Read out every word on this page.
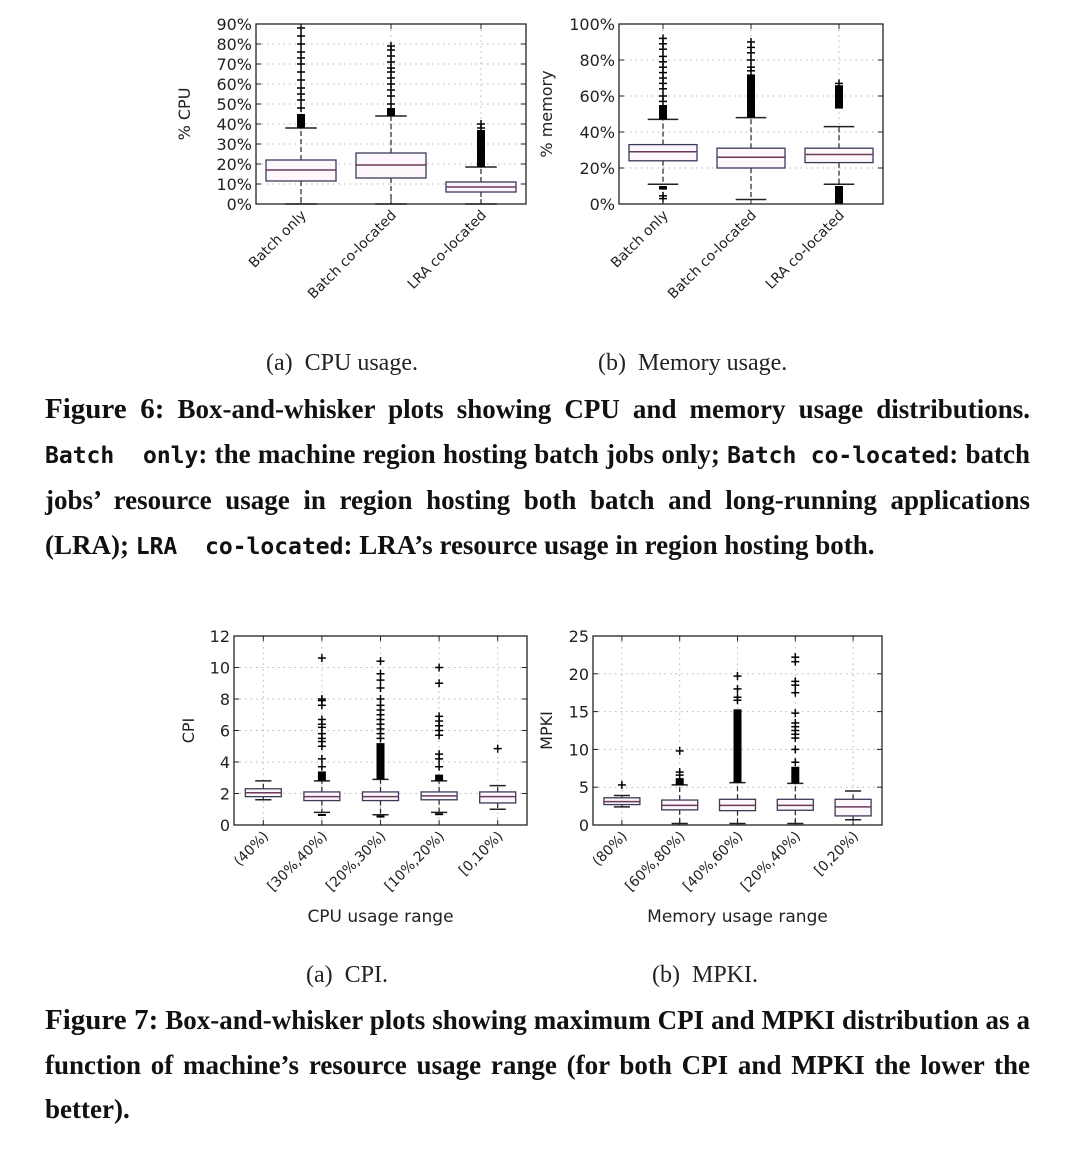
0%
10%
20%
30%
40%
50%
60%
70%
80%
90%
% CPU
Batch only
Batch co-located LRA co-located
0%
20%
40%
60%
80%
100%
% memory
Batch only
Batch co-located LRA co-located
0
2
4
6
8
10
12
CPI
(40%)
[30%,40%)
[20%,30%)
[10%,20%) [0,10%)
CPU usage range
0
5
10
15
20
25
MPKI
(80%)
[60%,80%)
[40%,60%)
[20%,40%) [0,20%)
Memory usage range
(a) CPU usage.	(b) Memory usage.
Figure 6: Box-and-whisker plots showing CPU and memory usage distributions. Batch  only: the machine region hosting batch jobs only; Batch co-located: batch jobs’ resource usage in region hosting both batch and long-running applications (LRA); LRA  co-located: LRA’s resource usage in region hosting both.
(a) CPI.	(b) MPKI.
Figure 7: Box-and-whisker plots showing maximum CPI and MPKI distribution as a function of machine’s resource usage range (for both CPI and MPKI the lower the better).
